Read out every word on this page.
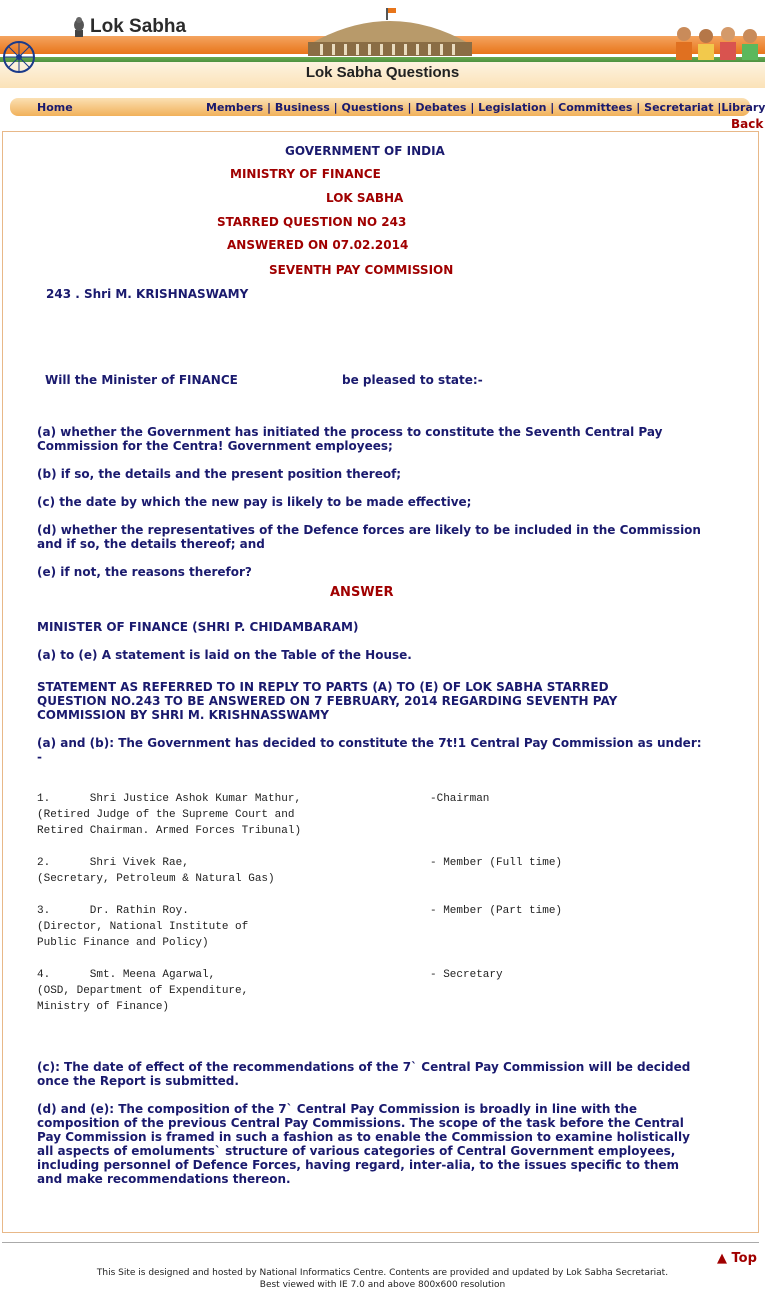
Lok Sabha
Lok Sabha Questions
Home	Members | Business | Questions | Debates | Legislation | Committees | Secretariat |Library
Back
GOVERNMENT OF INDIA
MINISTRY OF FINANCE
LOK SABHA
STARRED QUESTION NO 243
ANSWERED ON 07.02.2014
SEVENTH PAY COMMISSION
243 . Shri M. KRISHNASWAMY
Will the Minister of FINANCE	be pleased to state:-
(a) whether the Government has initiated the process to constitute the Seventh Central Pay Commission for the Centra! Government employees;
(b) if so, the details and the present position thereof;
(c) the date by which the new pay is likely to be made effective;
(d) whether the representatives of the Defence forces are likely to be included in the Commission and if so, the details thereof; and
(e) if not, the reasons therefor?
ANSWER
MINISTER OF FINANCE (SHRI P. CHIDAMBARAM)
(a) to (e) A statement is laid on the Table of the House.
STATEMENT AS REFERRED TO IN REPLY TO PARTS (A) TO (E) OF LOK SABHA STARRED QUESTION NO.243 TO BE ANSWERED ON 7 FEBRUARY, 2014 REGARDING SEVENTH PAY COMMISSION BY SHRI M. KRISHNASSWAMY
(a) and (b): The Government has decided to constitute the 7t!1 Central Pay Commission as under:
-
1.      Shri Justice Ashok Kumar Mathur,
(Retired Judge of the Supreme Court and
Retired Chairman. Armed Forces Tribunal)
-Chairman
2.      Shri Vivek Rae,
(Secretary, Petroleum & Natural Gas)
- Member (Full time)
3.      Dr. Rathin Roy.
(Director, National Institute of
Public Finance and Policy)
- Member (Part time)
4.      Smt. Meena Agarwal,
(OSD, Department of Expenditure,
Ministry of Finance)
- Secretary
(c): The date of effect of the recommendations of the 7` Central Pay Commission will be decided once the Report is submitted.
(d) and (e): The composition of the 7` Central Pay Commission is broadly in line with the composition of the previous Central Pay Commissions. The scope of the task before the Central Pay Commission is framed in such a fashion as to enable the Commission to examine holistically all aspects of emoluments` structure of various categories of Central Government employees, including personnel of Defence Forces, having regard, inter-alia, to the issues specific to them and make recommendations thereon.
▲ Top
This Site is designed and hosted by National Informatics Centre. Contents are provided and updated by Lok Sabha Secretariat.
Best viewed with IE 7.0 and above 800x600 resolution
